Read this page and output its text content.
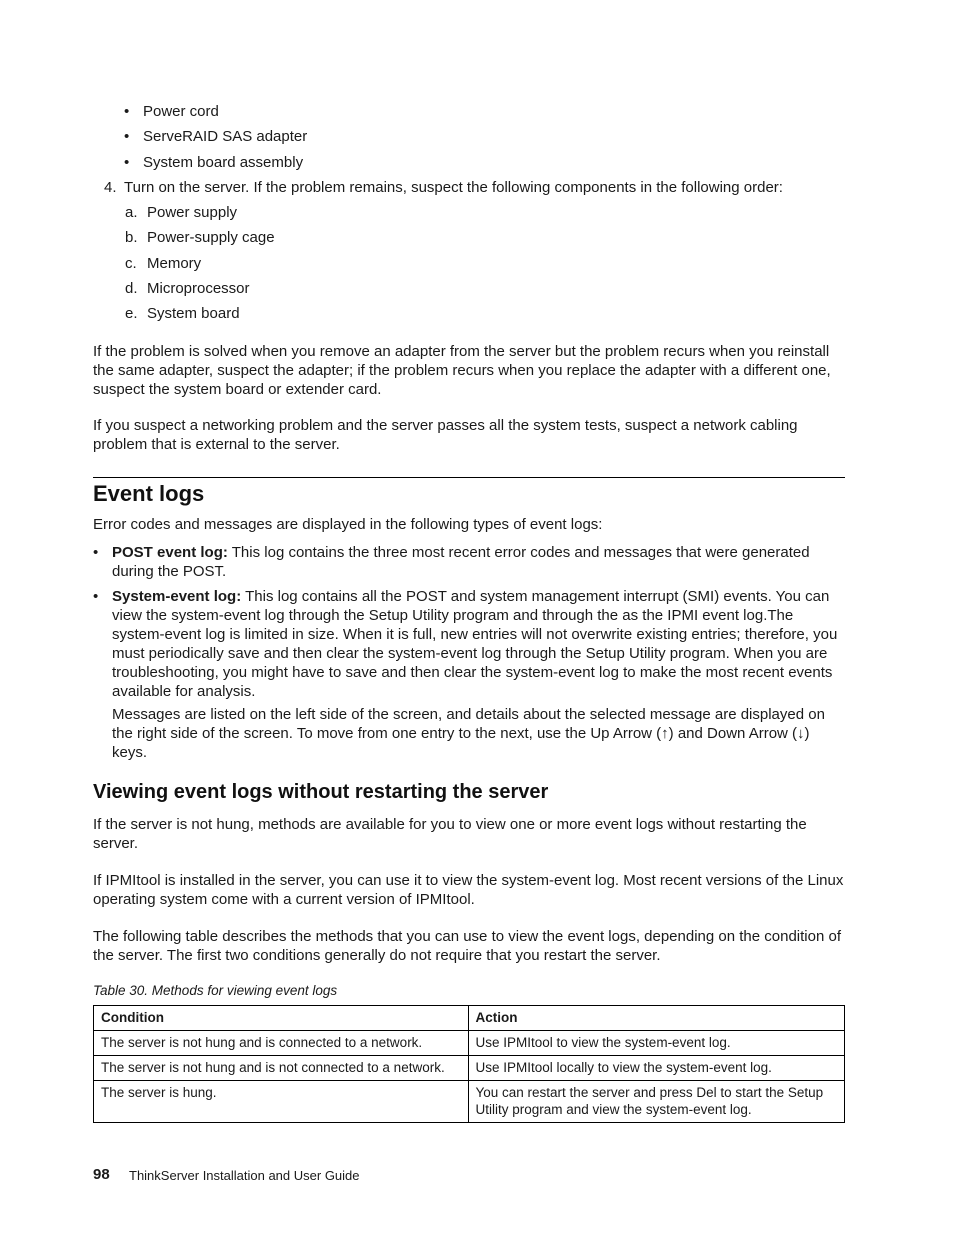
• Power cord
• ServeRAID SAS adapter
• System board assembly
4. Turn on the server. If the problem remains, suspect the following components in the following order:
a. Power supply
b. Power-supply cage
c. Memory
d. Microprocessor
e. System board

If the problem is solved when you remove an adapter from the server but the problem recurs when you reinstall the same adapter, suspect the adapter; if the problem recurs when you replace the adapter with a different one, suspect the system board or extender card.

If you suspect a networking problem and the server passes all the system tests, suspect a network cabling problem that is external to the server.

Event logs

Error codes and messages are displayed in the following types of event logs:

• POST event log: This log contains the three most recent error codes and messages that were generated during the POST.

• System-event log: This log contains all the POST and system management interrupt (SMI) events. You can view the system-event log through the Setup Utility program and through the as the IPMI event log.The system-event log is limited in size. When it is full, new entries will not overwrite existing entries; therefore, you must periodically save and then clear the system-event log through the Setup Utility program. When you are troubleshooting, you might have to save and then clear the system-event log to make the most recent events available for analysis.

Messages are listed on the left side of the screen, and details about the selected message are displayed on the right side of the screen. To move from one entry to the next, use the Up Arrow (↑) and Down Arrow (↓) keys.

Viewing event logs without restarting the server

If the server is not hung, methods are available for you to view one or more event logs without restarting the server.

If IPMItool is installed in the server, you can use it to view the system-event log. Most recent versions of the Linux operating system come with a current version of IPMItool.

The following table describes the methods that you can use to view the event logs, depending on the condition of the server. The first two conditions generally do not require that you restart the server.

Table 30. Methods for viewing event logs
Condition	Action
The server is not hung and is connected to a network.	Use IPMItool to view the system-event log.
The server is not hung and is not connected to a network.	Use IPMItool locally to view the system-event log.
The server is hung.	You can restart the server and press Del to start the Setup Utility program and view the system-event log.
98 ThinkServer Installation and User Guide
